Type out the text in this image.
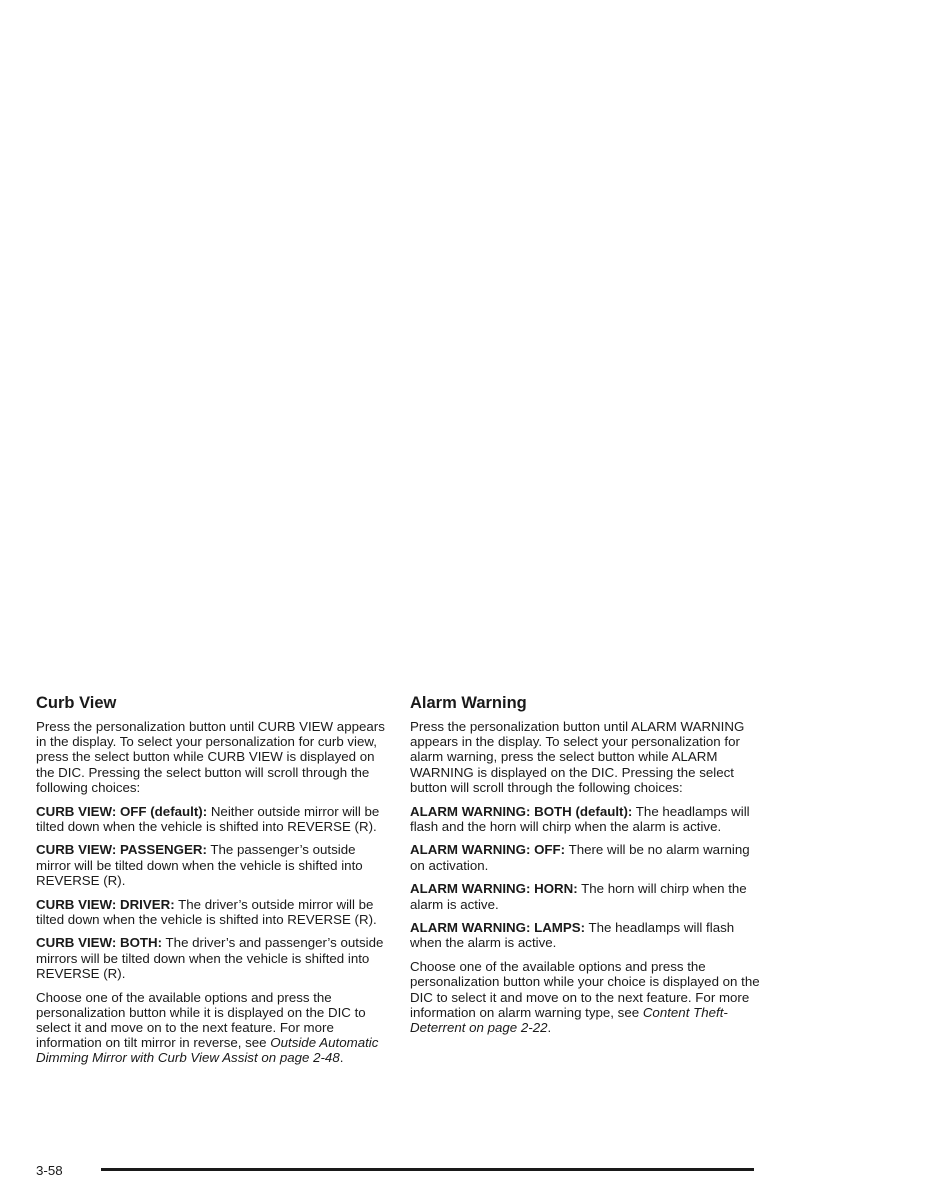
Curb View

Press the personalization button until CURB VIEW appears in the display. To select your personalization for curb view, press the select button while CURB VIEW is displayed on the DIC. Pressing the select button will scroll through the following choices:

CURB VIEW: OFF (default): Neither outside mirror will be tilted down when the vehicle is shifted into REVERSE (R).

CURB VIEW: PASSENGER: The passenger’s outside mirror will be tilted down when the vehicle is shifted into REVERSE (R).

CURB VIEW: DRIVER: The driver’s outside mirror will be tilted down when the vehicle is shifted into REVERSE (R).

CURB VIEW: BOTH: The driver’s and passenger’s outside mirrors will be tilted down when the vehicle is shifted into REVERSE (R).

Choose one of the available options and press the personalization button while it is displayed on the DIC to select it and move on to the next feature. For more information on tilt mirror in reverse, see Outside Automatic Dimming Mirror with Curb View Assist on page 2-48.

Alarm Warning

Press the personalization button until ALARM WARNING appears in the display. To select your personalization for alarm warning, press the select button while ALARM WARNING is displayed on the DIC. Pressing the select button will scroll through the following choices:

ALARM WARNING: BOTH (default): The headlamps will flash and the horn will chirp when the alarm is active.

ALARM WARNING: OFF: There will be no alarm warning on activation.

ALARM WARNING: HORN: The horn will chirp when the alarm is active.

ALARM WARNING: LAMPS: The headlamps will flash when the alarm is active.

Choose one of the available options and press the personalization button while your choice is displayed on the DIC to select it and move on to the next feature. For more information on alarm warning type, see Content Theft-Deterrent on page 2-22.

3-58
